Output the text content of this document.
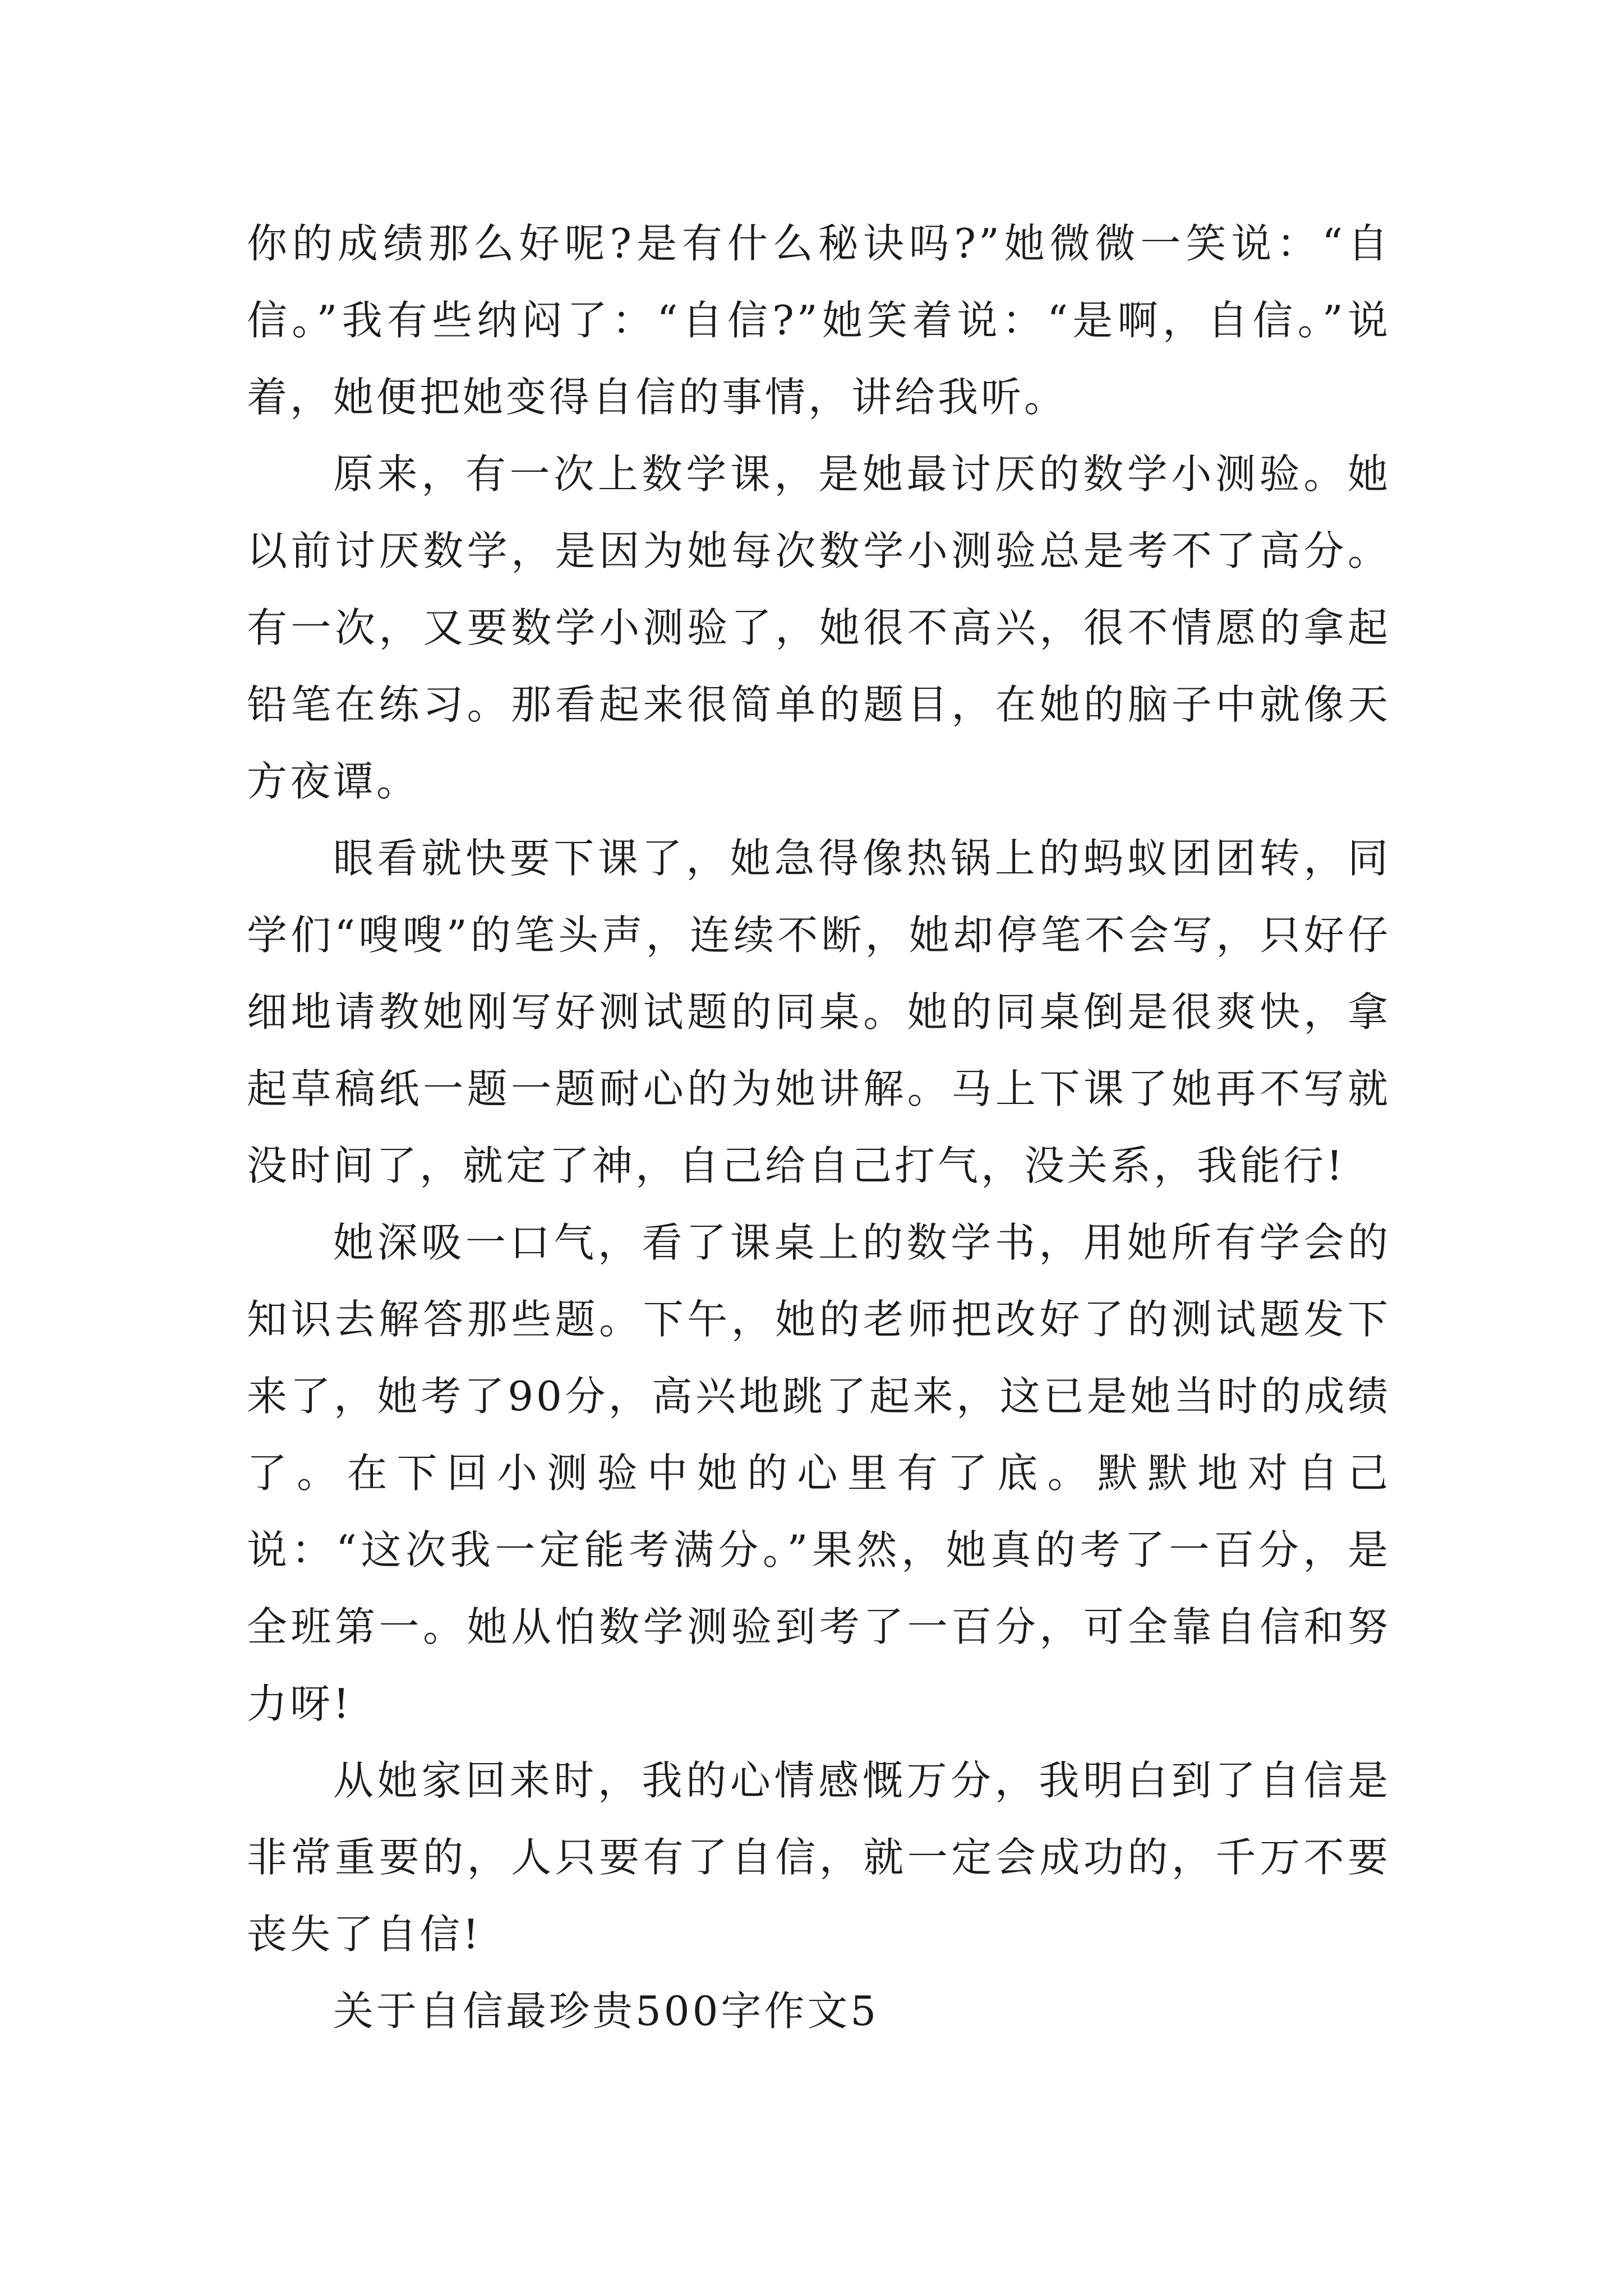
你的成绩那么好呢?是有什么秘诀吗?”她微微一笑说：“自信。”我有些纳闷了：“自信?”她笑着说：“是啊，自信。”说着，她便把她变得自信的事情，讲给我听。

原来，有一次上数学课，是她最讨厌的数学小测验。她以前讨厌数学，是因为她每次数学小测验总是考不了高分。有一次，又要数学小测验了，她很不高兴，很不情愿的拿起铅笔在练习。那看起来很简单的题目，在她的脑子中就像天方夜谭。

眼看就快要下课了，她急得像热锅上的蚂蚁团团转，同学们“嗖嗖”的笔头声，连续不断，她却停笔不会写，只好仔细地请教她刚写好测试题的同桌。她的同桌倒是很爽快，拿起草稿纸一题一题耐心的为她讲解。马上下课了她再不写就没时间了，就定了神，自己给自己打气，没关系，我能行!

她深吸一口气，看了课桌上的数学书，用她所有学会的知识去解答那些题。下午，她的老师把改好了的测试题发下来了，她考了90分，高兴地跳了起来，这已是她当时的成绩了。在下回小测验中她的心里有了底。默默地对自己说：“这次我一定能考满分。”果然，她真的考了一百分，是全班第一。她从怕数学测验到考了一百分，可全靠自信和努力呀!

从她家回来时，我的心情感慨万分，我明白到了自信是非常重要的，人只要有了自信，就一定会成功的，千万不要丧失了自信!

关于自信最珍贵500字作文5
